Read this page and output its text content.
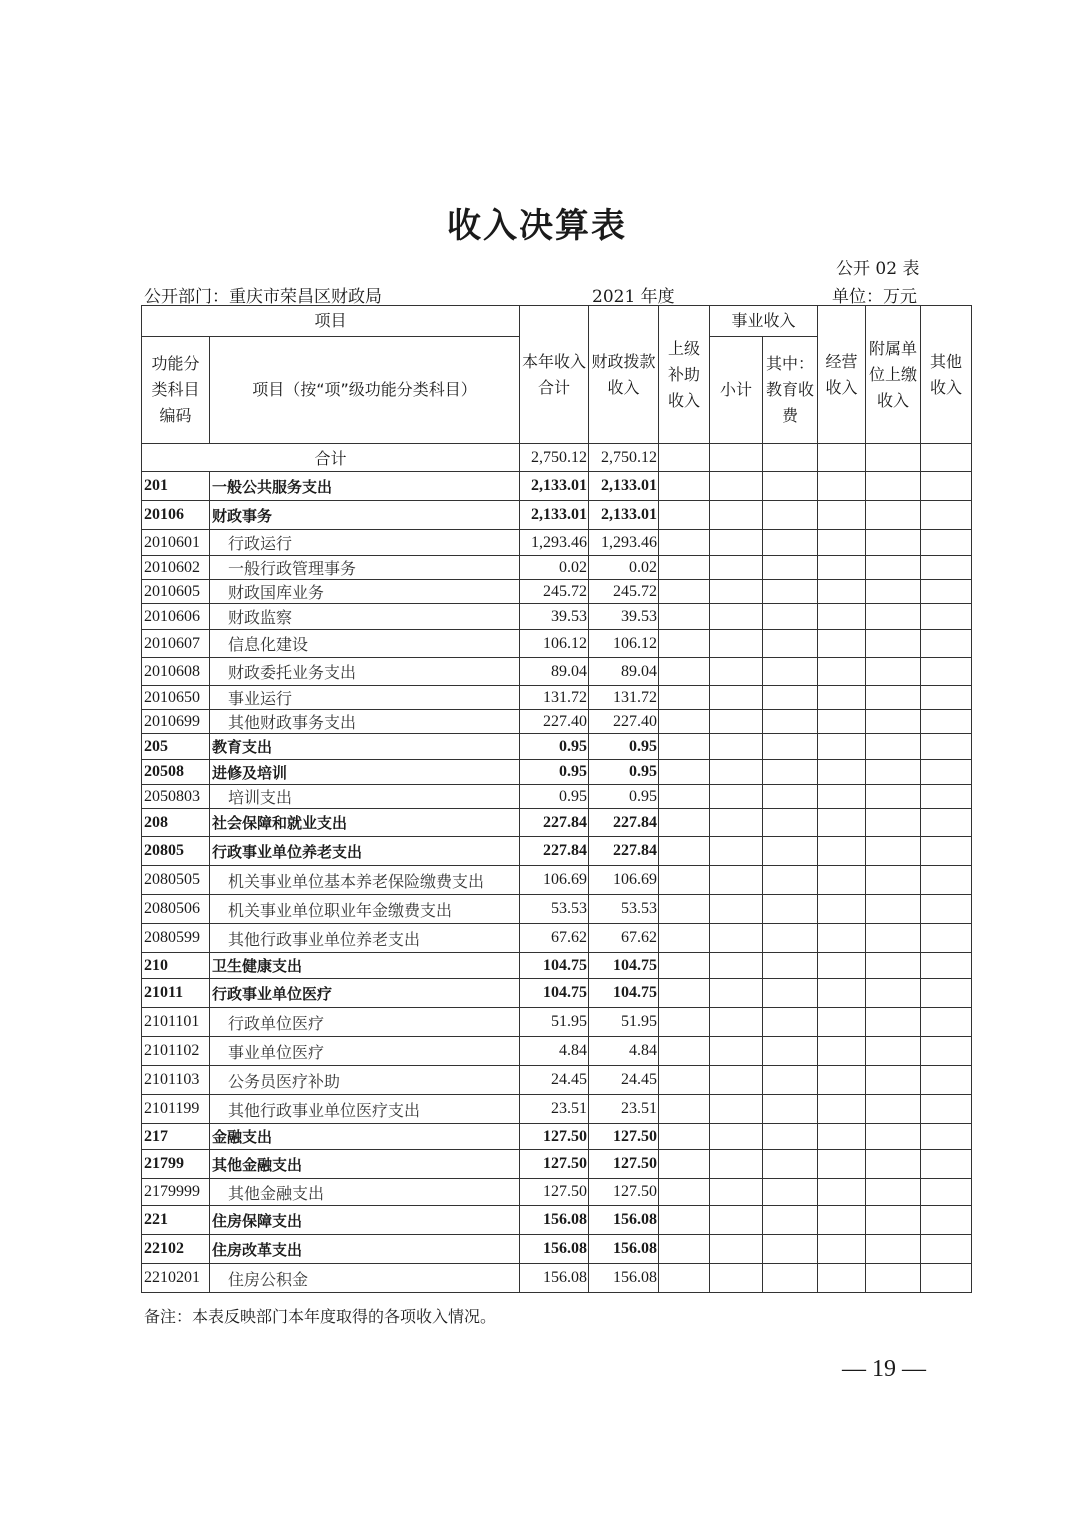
收入决算表
公开 02 表
公开部门：重庆市荣昌区财政局	2021 年度	单位：万元
项目		本年收入合计	财政拨款收入	上级补助收入	事业收入		经营收入	附属单位上缴收入	其他收入
功能分类科目编码	项目（按“项”级功能分类科目）				小计	其中：教育收费			

合计		2,750.12	2,750.12						
201	一般公共服务支出	2,133.01	2,133.01						
20106	财政事务	2,133.01	2,133.01						
2010601	行政运行	1,293.46	1,293.46						
2010602	一般行政管理事务	0.02	0.02						
2010605	财政国库业务	245.72	245.72						
2010606	财政监察	39.53	39.53						
2010607	信息化建设	106.12	106.12						
2010608	财政委托业务支出	89.04	89.04						
2010650	事业运行	131.72	131.72						
2010699	其他财政事务支出	227.40	227.40						
205	教育支出	0.95	0.95						
20508	进修及培训	0.95	0.95						
2050803	培训支出	0.95	0.95						
208	社会保障和就业支出	227.84	227.84						
20805	行政事业单位养老支出	227.84	227.84						
2080505	机关事业单位基本养老保险缴费支出	106.69	106.69						
2080506	机关事业单位职业年金缴费支出	53.53	53.53						
2080599	其他行政事业单位养老支出	67.62	67.62						
210	卫生健康支出	104.75	104.75						
21011	行政事业单位医疗	104.75	104.75						
2101101	行政单位医疗	51.95	51.95						
2101102	事业单位医疗	4.84	4.84						
2101103	公务员医疗补助	24.45	24.45						
2101199	其他行政事业单位医疗支出	23.51	23.51						
217	金融支出	127.50	127.50						
21799	其他金融支出	127.50	127.50						
2179999	其他金融支出	127.50	127.50						
221	住房保障支出	156.08	156.08						
22102	住房改革支出	156.08	156.08						
2210201	住房公积金	156.08	156.08						
备注：本表反映部门本年度取得的各项收入情况。
— 19 —
